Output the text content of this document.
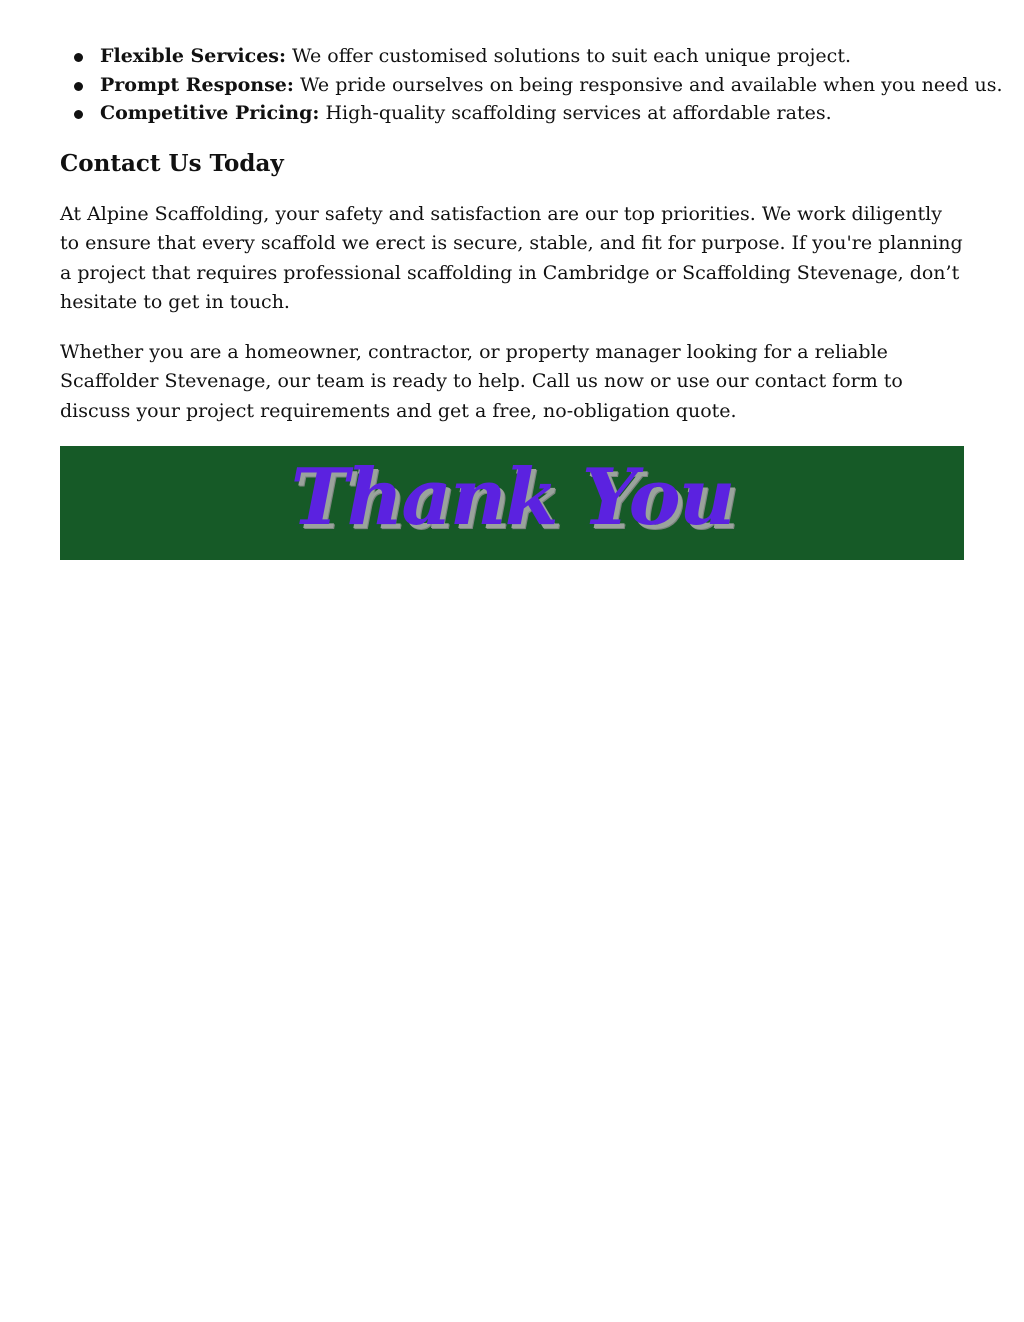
Flexible Services: We offer customised solutions to suit each unique project.
Prompt Response: We pride ourselves on being responsive and available when you need us.
Competitive Pricing: High-quality scaffolding services at affordable rates.
Contact Us Today

At Alpine Scaffolding, your safety and satisfaction are our top priorities. We work diligently to ensure that every scaffold we erect is secure, stable, and fit for purpose. If you're planning a project that requires professional scaffolding in Cambridge or Scaffolding Stevenage, don’t hesitate to get in touch.

Whether you are a homeowner, contractor, or property manager looking for a reliable Scaffolder Stevenage, our team is ready to help. Call us now or use our contact form to discuss your project requirements and get a free, no-obligation quote.

Thank You
